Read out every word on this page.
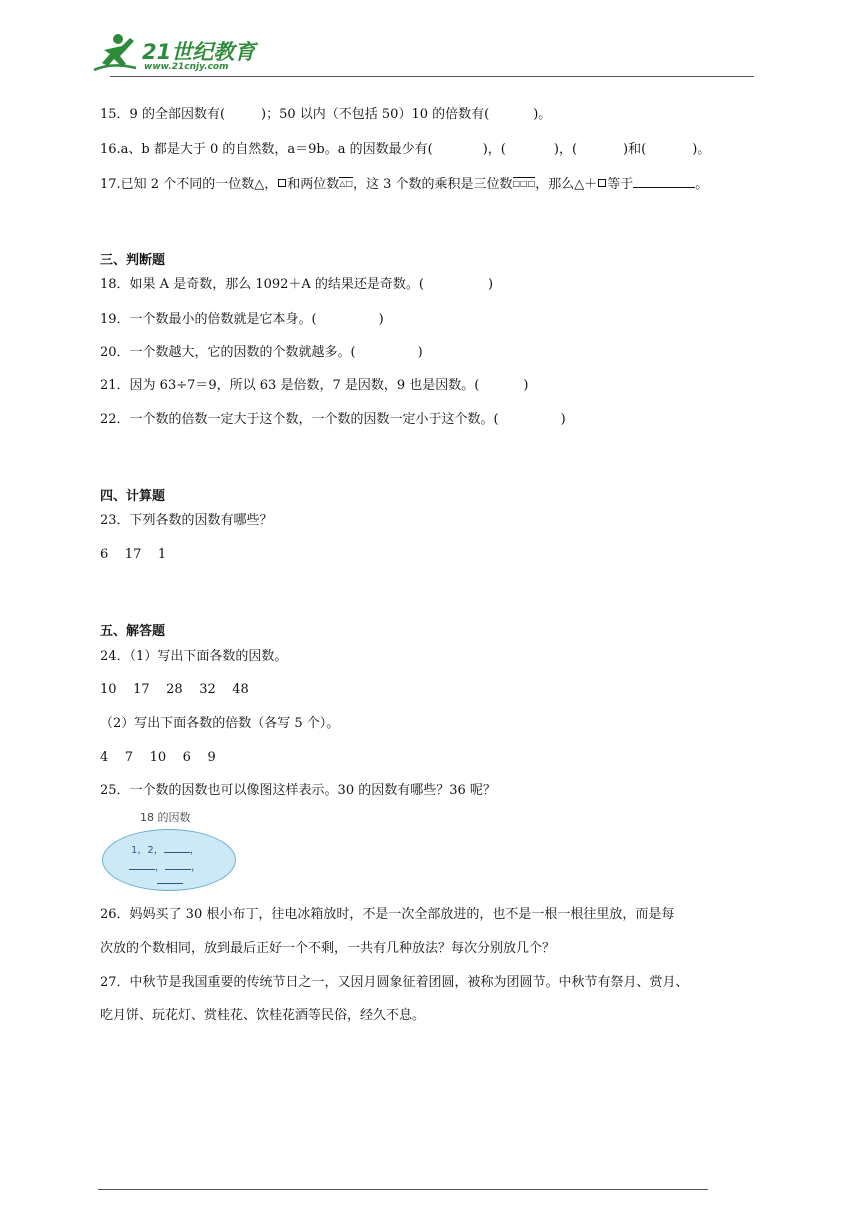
21世纪教育
www.21cnjy.com
15．9 的全部因数有(	)；50 以内（不包括 50）10 的倍数有(	)。
16.a、b 都是大于 0 的自然数，a＝9b。a 的因数最少有(	)，(	)，(	)和(	)。
17.已知 2 个不同的一位数△， 和两位数△□，这 3 个数的乘积是三位数□□□，那么△＋ 等于	。
三、判断题
18．如果 A 是奇数，那么 1092＋A 的结果还是奇数。(	)
19．一个数最小的倍数就是它本身。(	)
20．一个数越大，它的因数的个数就越多。(	)
21．因为 63÷7＝9，所以 63 是倍数，7 是因数，9 也是因数。(	)
22．一个数的倍数一定大于这个数，一个数的因数一定小于这个数。(	)
四、计算题
23．下列各数的因数有哪些？
6    17    1
五、解答题
24．（1）写出下面各数的因数。
10    17    28    32    48
（2）写出下面各数的倍数（各写 5 个）。
4    7    10    6    9
25．一个数的因数也可以像图这样表示。30 的因数有哪些？36 呢？
18 的因数
1，2，	，
，	，
26．妈妈买了 30 根小布丁，往电冰箱放时，不是一次全部放进的，也不是一根一根往里放，而是每
次放的个数相同，放到最后正好一个不剩，一共有几种放法？每次分别放几个？
27．中秋节是我国重要的传统节日之一，又因月圆象征着团圆，被称为团圆节。中秋节有祭月、赏月、
吃月饼、玩花灯、赏桂花、饮桂花酒等民俗，经久不息。
